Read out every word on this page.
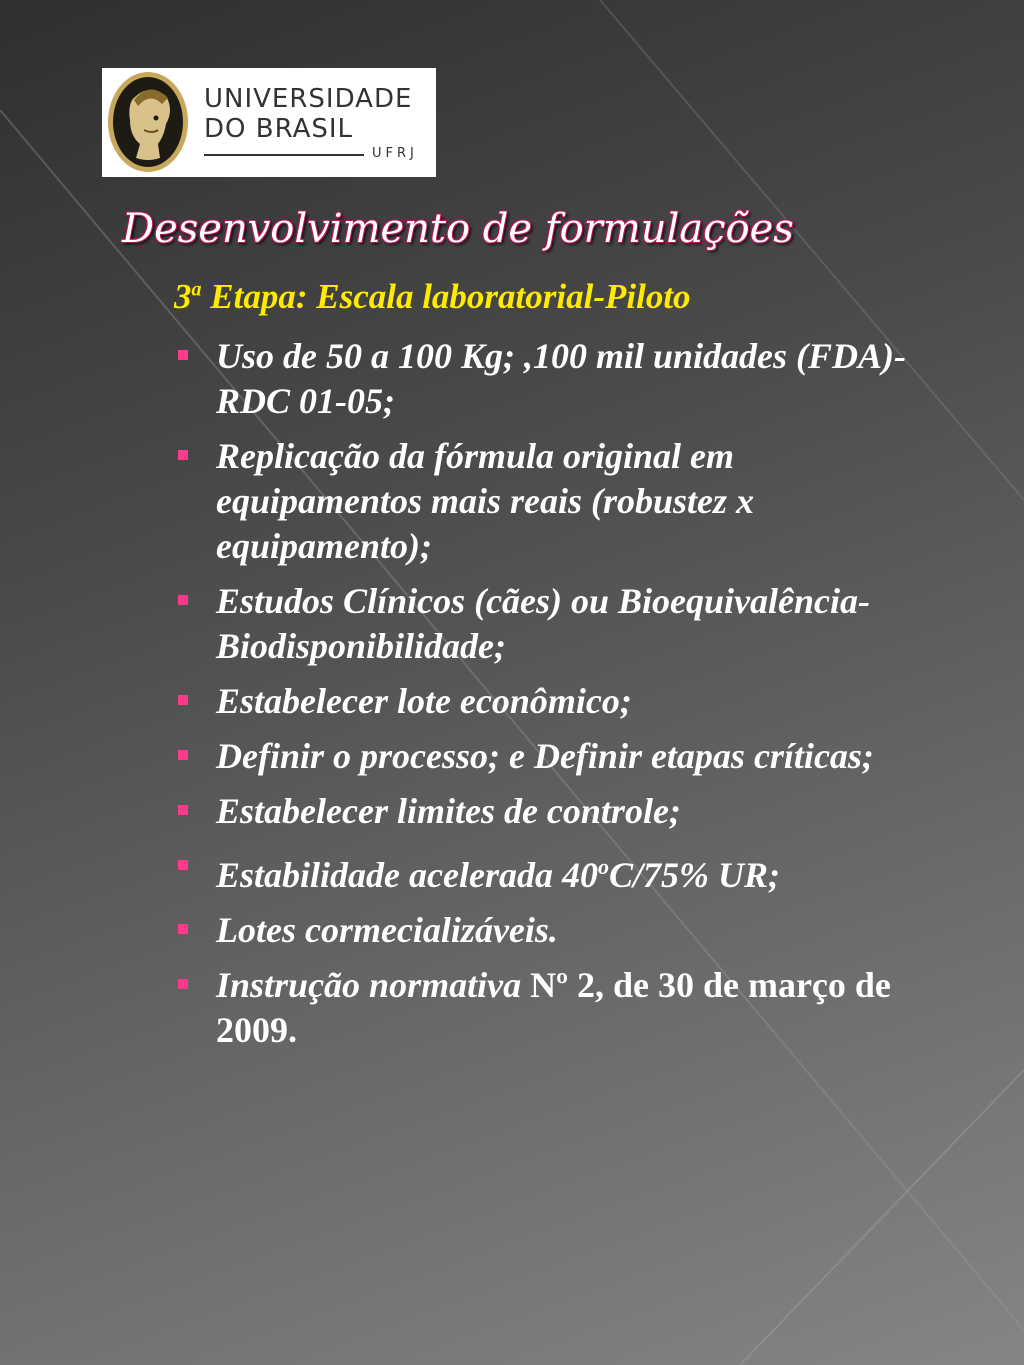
UNIVERSIDADE
DO BRASIL
UFRJ
Desenvolvimento de formulações
3$^a$ Etapa: Escala laboratorial-Piloto
Uso de 50 a 100 Kg; ,100 mil unidades (FDA)-RDC 01-05;
Replicação da fórmula original em equipamentos mais reais (robustez x equipamento);
Estudos Clínicos (cães) ou Bioequivalência-Biodisponibilidade;
Estabelecer lote econômico;
Definir o processo; e Definir etapas críticas;
Estabelecer limites de controle;
Estabilidade acelerada 40$^o$C/75% UR;
Lotes cormecializáveis.
Instrução normativa Nº 2, de 30 de março de 2009.
